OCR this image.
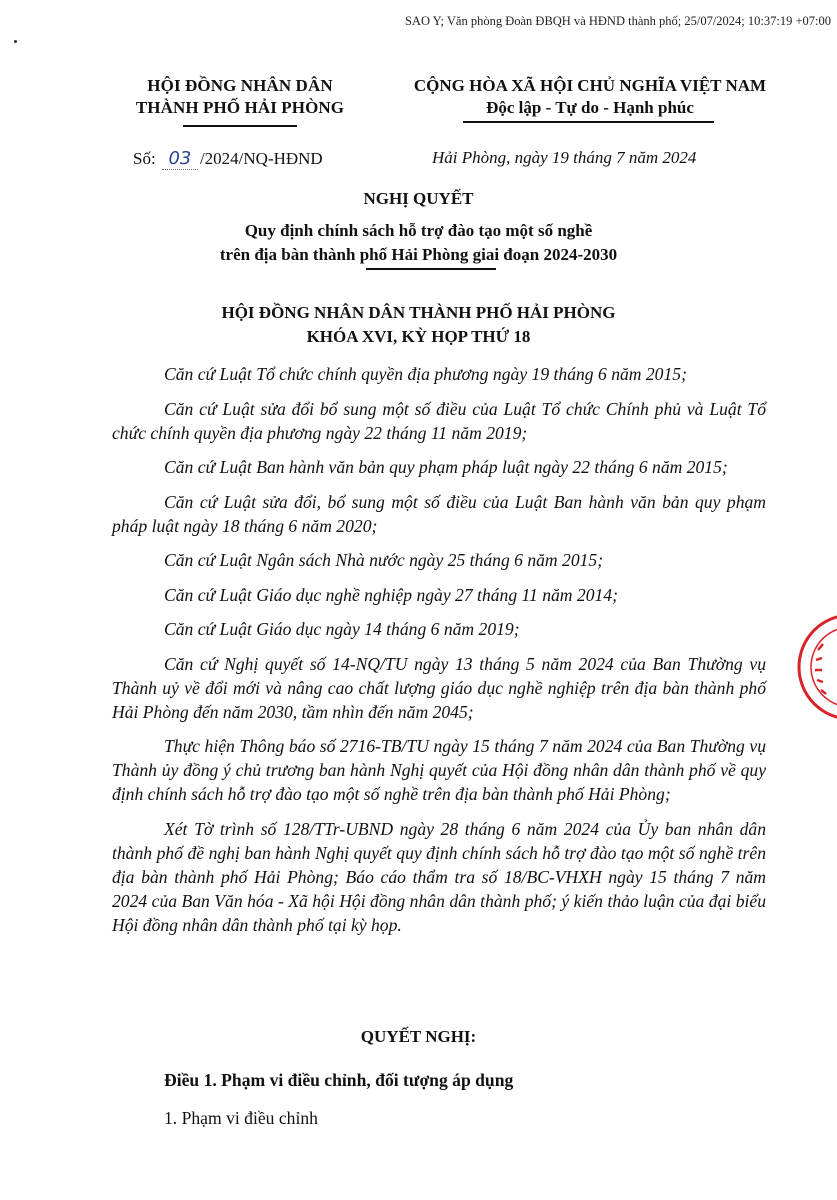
SAO Y; Văn phòng Đoàn ĐBQH và HĐND thành phố; 25/07/2024; 10:37:19 +07:00
HỘI ĐỒNG NHÂN DÂN
THÀNH PHỐ HẢI PHÒNG
CỘNG HÒA XÃ HỘI CHỦ NGHĨA VIỆT NAM
Độc lập - Tự do - Hạnh phúc
Số: 03 /2024/NQ-HĐND	Hải Phòng, ngày 19 tháng 7 năm 2024
NGHỊ QUYẾT
Quy định chính sách hỗ trợ đào tạo một số nghề
trên địa bàn thành phố Hải Phòng giai đoạn 2024-2030
HỘI ĐỒNG NHÂN DÂN THÀNH PHỐ HẢI PHÒNG
KHÓA XVI, KỲ HỌP THỨ 18

Căn cứ Luật Tổ chức chính quyền địa phương ngày 19 tháng 6 năm 2015;

Căn cứ Luật sửa đổi bổ sung một số điều của Luật Tổ chức Chính phủ và Luật Tổ chức chính quyền địa phương ngày 22 tháng 11 năm 2019;

Căn cứ Luật Ban hành văn bản quy phạm pháp luật ngày 22 tháng 6 năm 2015;

Căn cứ Luật sửa đổi, bổ sung một số điều của Luật Ban hành văn bản quy phạm pháp luật ngày 18 tháng 6 năm 2020;

Căn cứ Luật Ngân sách Nhà nước ngày 25 tháng 6 năm 2015;

Căn cứ Luật Giáo dục nghề nghiệp ngày 27 tháng 11 năm 2014;

Căn cứ Luật Giáo dục ngày 14 tháng 6 năm 2019;

Căn cứ Nghị quyết số 14-NQ/TU ngày 13 tháng 5 năm 2024 của Ban Thường vụ Thành uỷ về đổi mới và nâng cao chất lượng giáo dục nghề nghiệp trên địa bàn thành phố Hải Phòng đến năm 2030, tầm nhìn đến năm 2045;

Thực hiện Thông báo số 2716-TB/TU ngày 15 tháng 7 năm 2024 của Ban Thường vụ Thành ủy đồng ý chủ trương ban hành Nghị quyết của Hội đồng nhân dân thành phố về quy định chính sách hỗ trợ đào tạo một số nghề trên địa bàn thành phố Hải Phòng;

Xét Tờ trình số 128/TTr-UBND ngày 28 tháng 6 năm 2024 của Ủy ban nhân dân thành phố đề nghị ban hành Nghị quyết quy định chính sách hỗ trợ đào tạo một số nghề trên địa bàn thành phố Hải Phòng; Báo cáo thẩm tra số 18/BC-VHXH ngày 15 tháng 7 năm 2024 của Ban Văn hóa - Xã hội Hội đồng nhân dân thành phố; ý kiến thảo luận của đại biểu Hội đồng nhân dân thành phố tại kỳ họp.

QUYẾT NGHỊ:
Điều 1. Phạm vi điều chỉnh, đối tượng áp dụng
1. Phạm vi điều chỉnh
